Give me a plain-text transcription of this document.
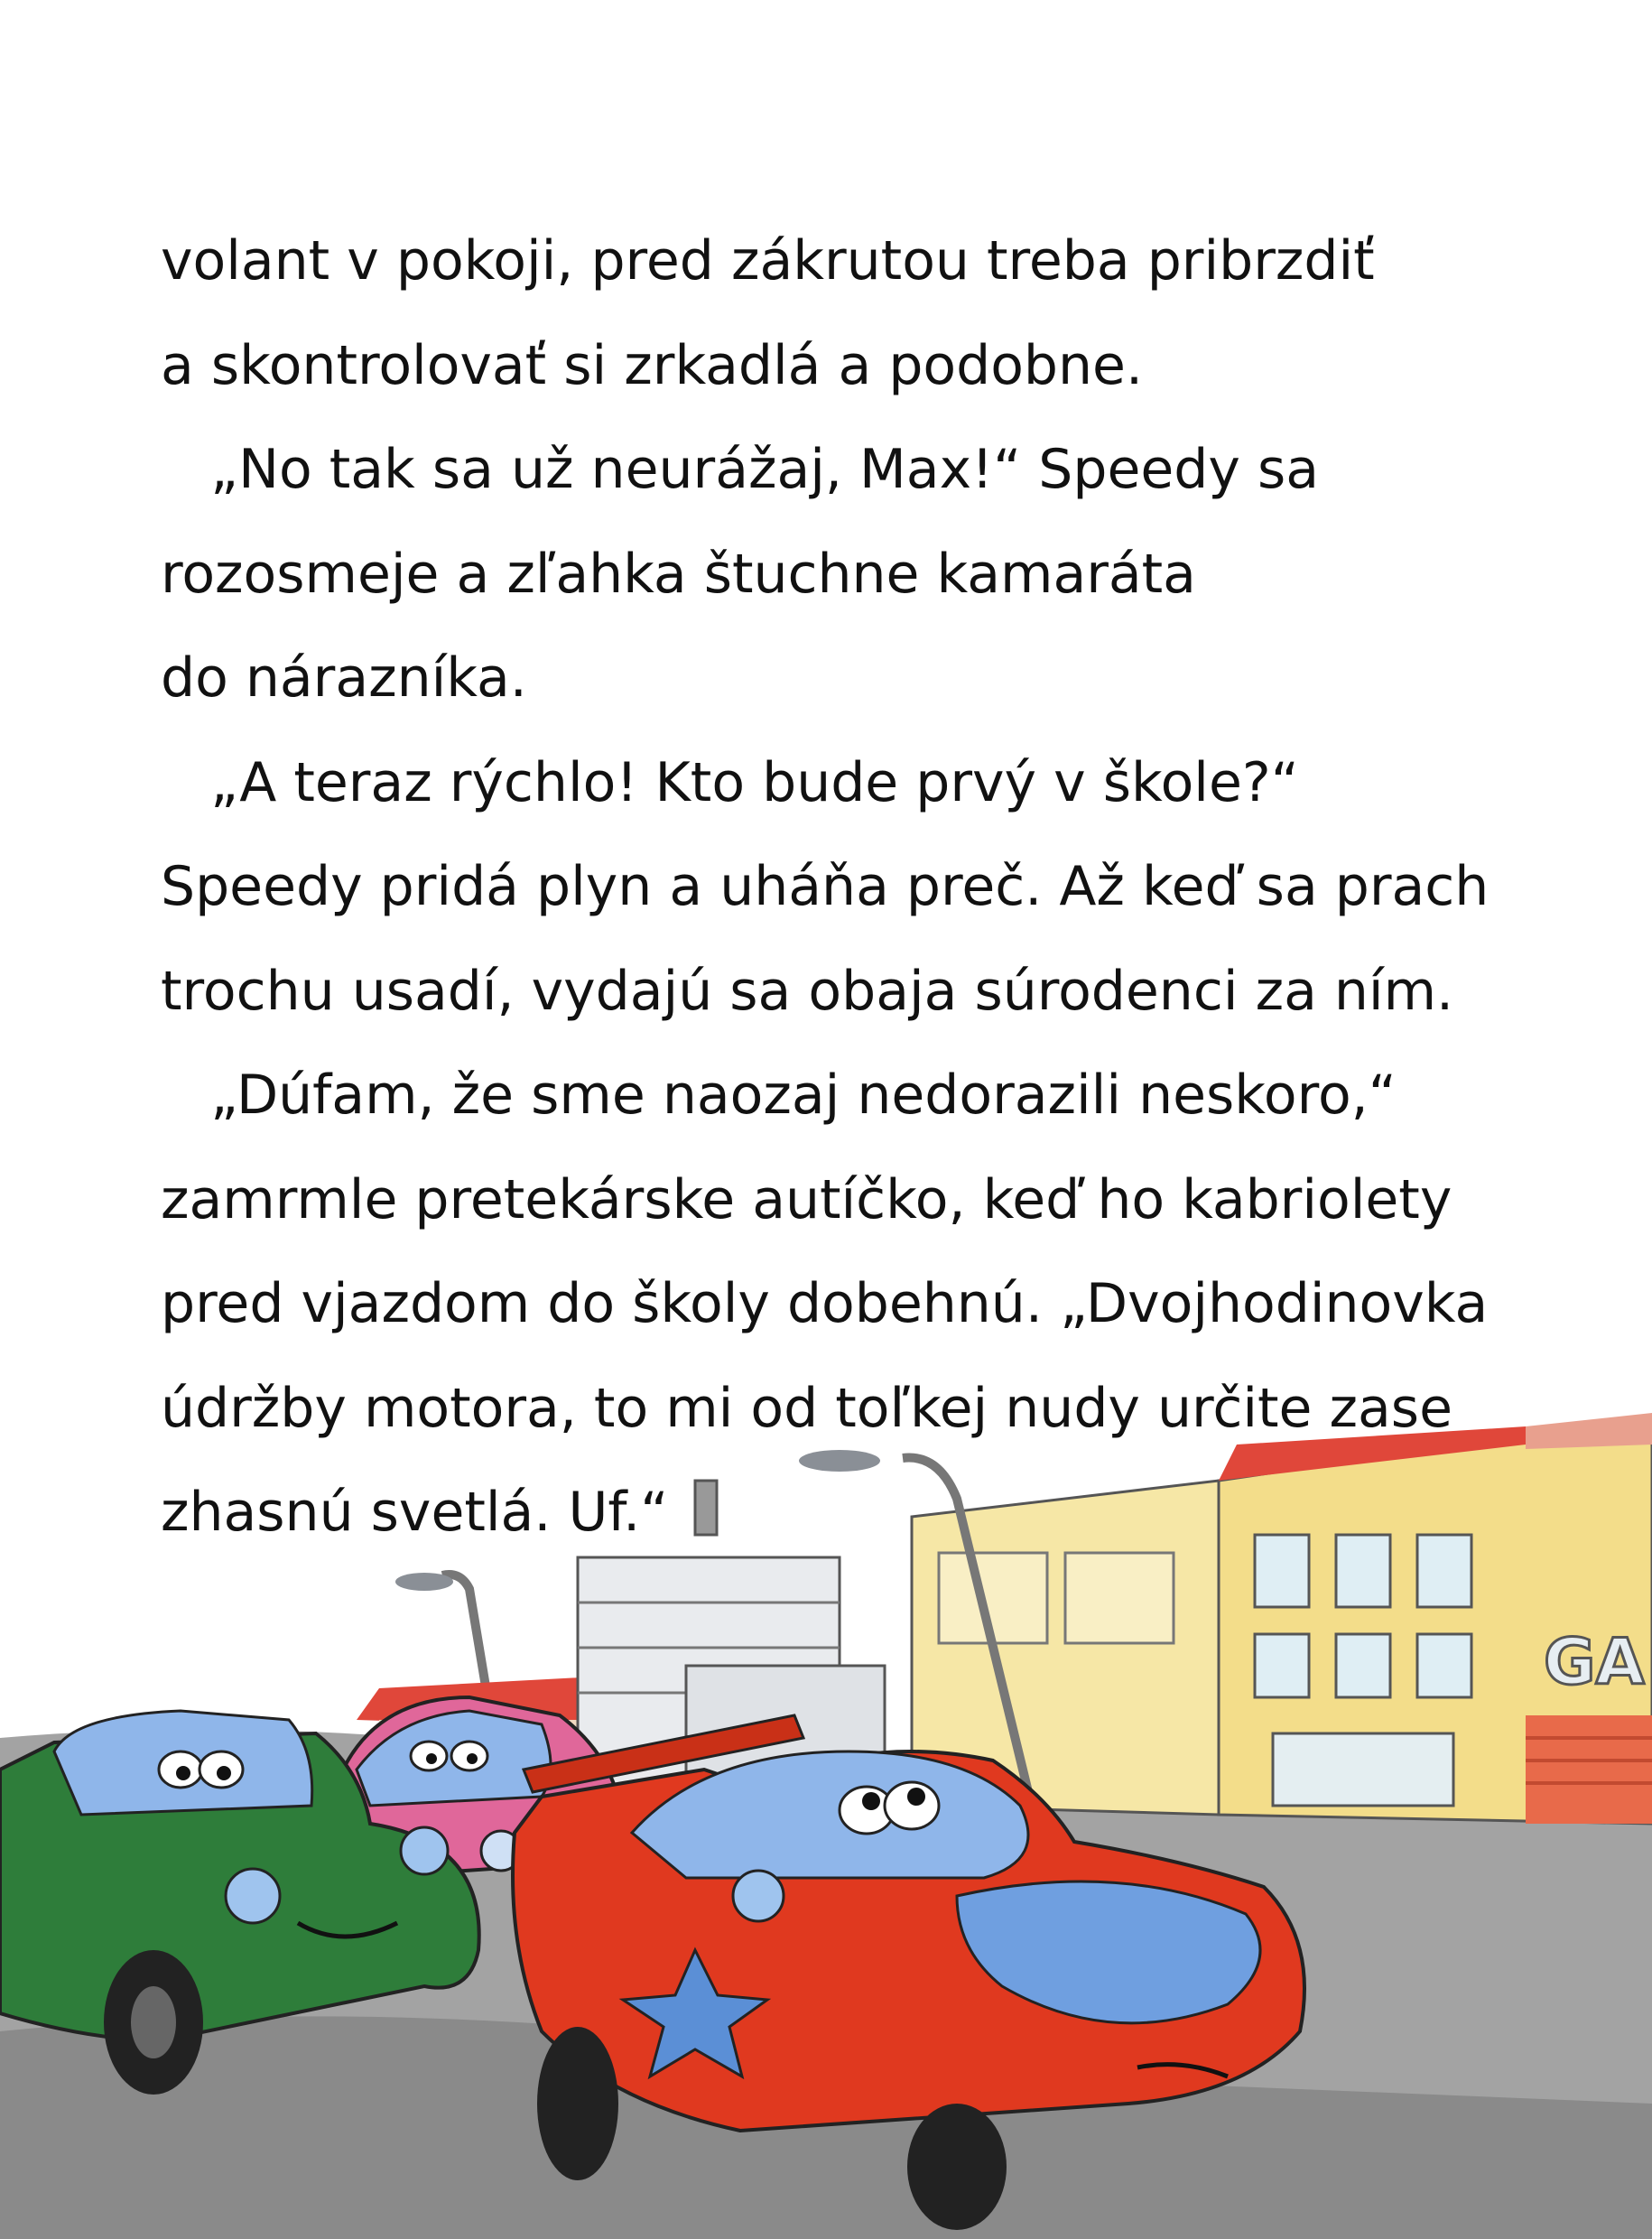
volant v pokoji, pred zákrutou treba pribrzdiť
a skontrolovať si zrkadlá a podobne.
„No tak sa už neurážaj, Max!“ Speedy sa
rozosmeje a zľahka štuchne kamaráta
do nárazníka.
„A teraz rýchlo! Kto bude prvý v škole?“
Speedy pridá plyn a uháňa preč. Až keď sa prach
trochu usadí, vydajú sa obaja súrodenci za ním.
„Dúfam, že sme naozaj nedorazili neskoro,“
zamrmle pretekárske autíčko, keď ho kabriolety
pred vjazdom do školy dobehnú. „Dvojhodinovka
údržby motora, to mi od toľkej nudy určite zase
zhasnú svetlá. Uf.“
GA
